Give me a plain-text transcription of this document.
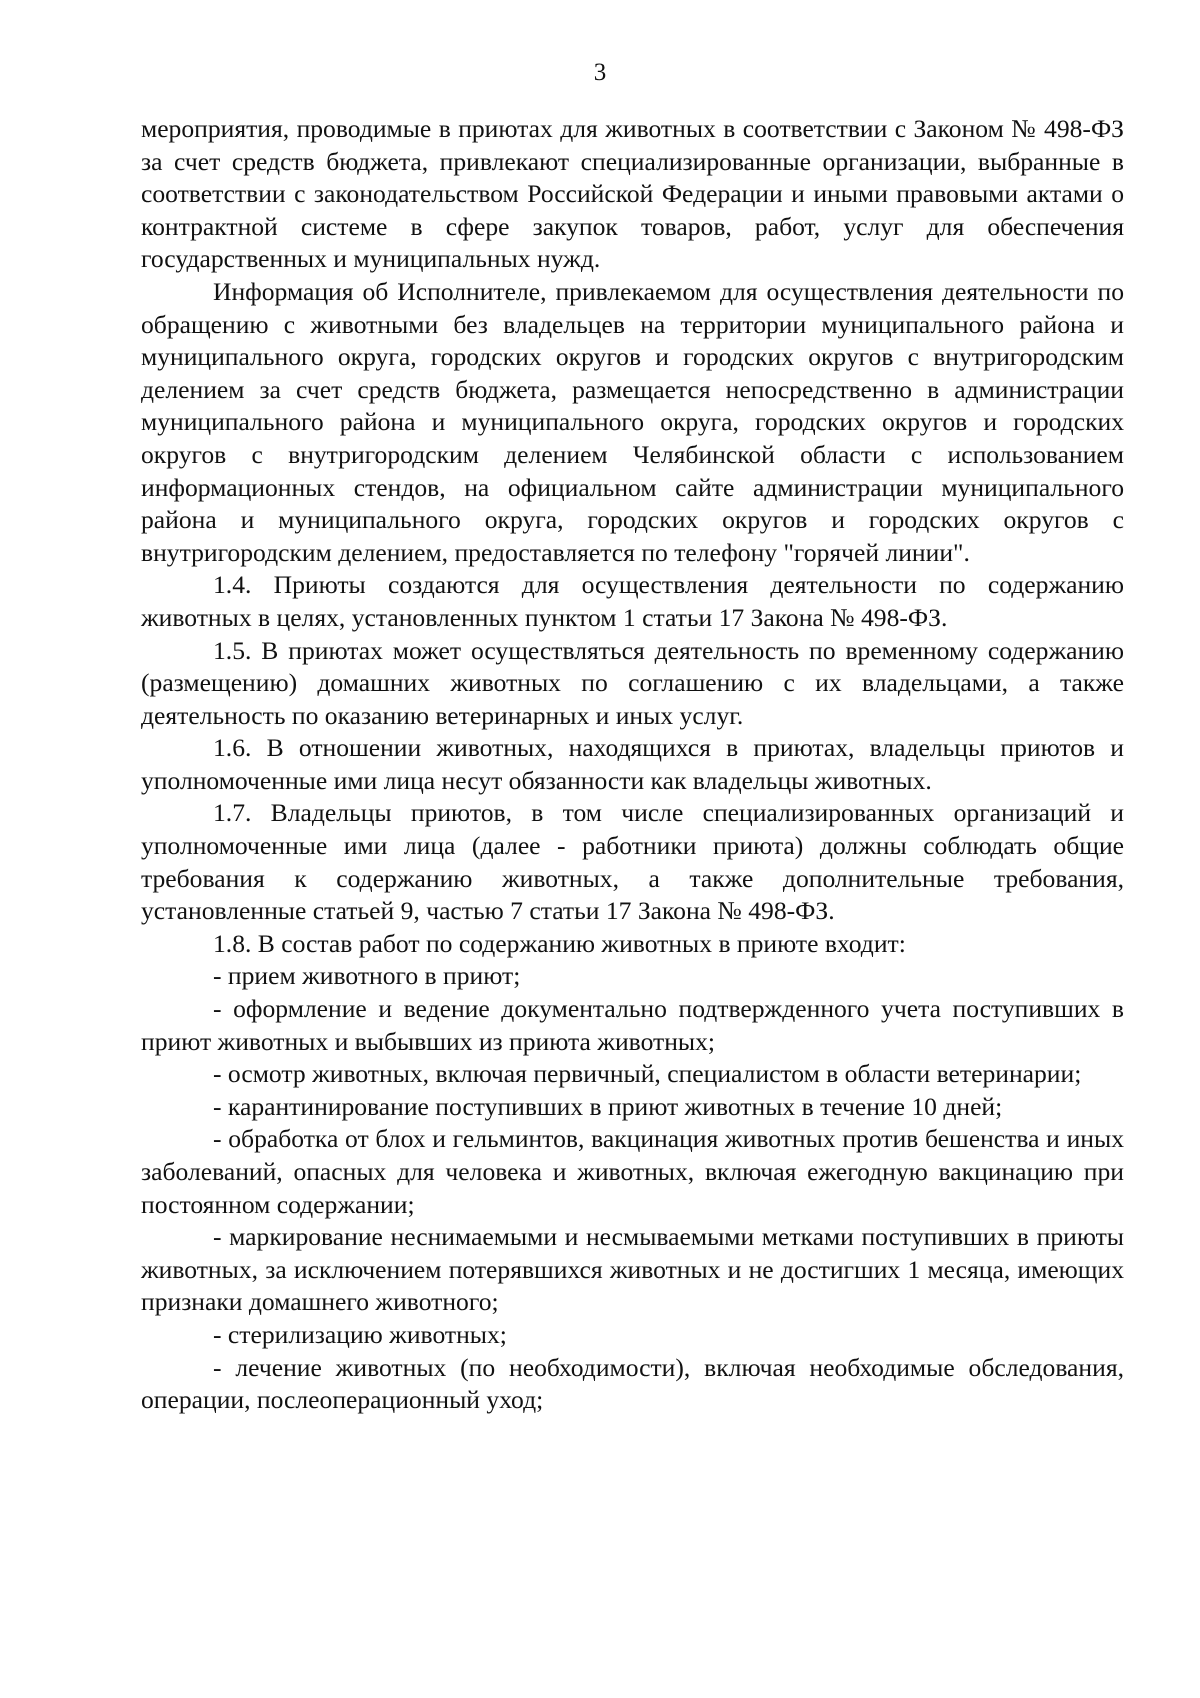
3

мероприятия, проводимые в приютах для животных в соответствии с Законом № 498-ФЗ за счет средств бюджета, привлекают специализированные организации, выбранные в соответствии с законодательством Российской Федерации и иными правовыми актами о контрактной системе в сфере закупок товаров, работ, услуг для обеспечения государственных и муниципальных нужд.

Информация об Исполнителе, привлекаемом для осуществления деятельности по обращению с животными без владельцев на территории муниципального района и муниципального округа, городских округов и городских округов с внутригородским делением за счет средств бюджета, размещается непосредственно в администрации муниципального района и муниципального округа, городских округов и городских округов с внутригородским делением Челябинской области с использованием информационных стендов, на официальном сайте администрации муниципального района и муниципального округа, городских округов и городских округов с внутригородским делением, предоставляется по телефону "горячей линии".

1.4. Приюты создаются для осуществления деятельности по содержанию животных в целях, установленных пунктом 1 статьи 17 Закона № 498-ФЗ.

1.5. В приютах может осуществляться деятельность по временному содержанию (размещению) домашних животных по соглашению с их владельцами, а также деятельность по оказанию ветеринарных и иных услуг.

1.6. В отношении животных, находящихся в приютах, владельцы приютов и уполномоченные ими лица несут обязанности как владельцы животных.

1.7. Владельцы приютов, в том числе специализированных организаций и уполномоченные ими лица (далее - работники приюта) должны соблюдать общие требования к содержанию животных, а также дополнительные требования, установленные статьей 9, частью 7 статьи 17 Закона № 498-ФЗ.

1.8. В состав работ по содержанию животных в приюте входит:

- прием животного в приют;

- оформление и ведение документально подтвержденного учета поступивших в приют животных и выбывших из приюта животных;

- осмотр животных, включая первичный, специалистом в области ветеринарии;

- карантинирование поступивших в приют животных в течение 10 дней;

- обработка от блох и гельминтов, вакцинация животных против бешенства и иных заболеваний, опасных для человека и животных, включая ежегодную вакцинацию при постоянном содержании;

- маркирование неснимаемыми и несмываемыми метками поступивших в приюты животных, за исключением потерявшихся животных и не достигших 1 месяца, имеющих признаки домашнего животного;

- стерилизацию животных;

- лечение животных (по необходимости), включая необходимые обследования, операции, послеоперационный уход;
